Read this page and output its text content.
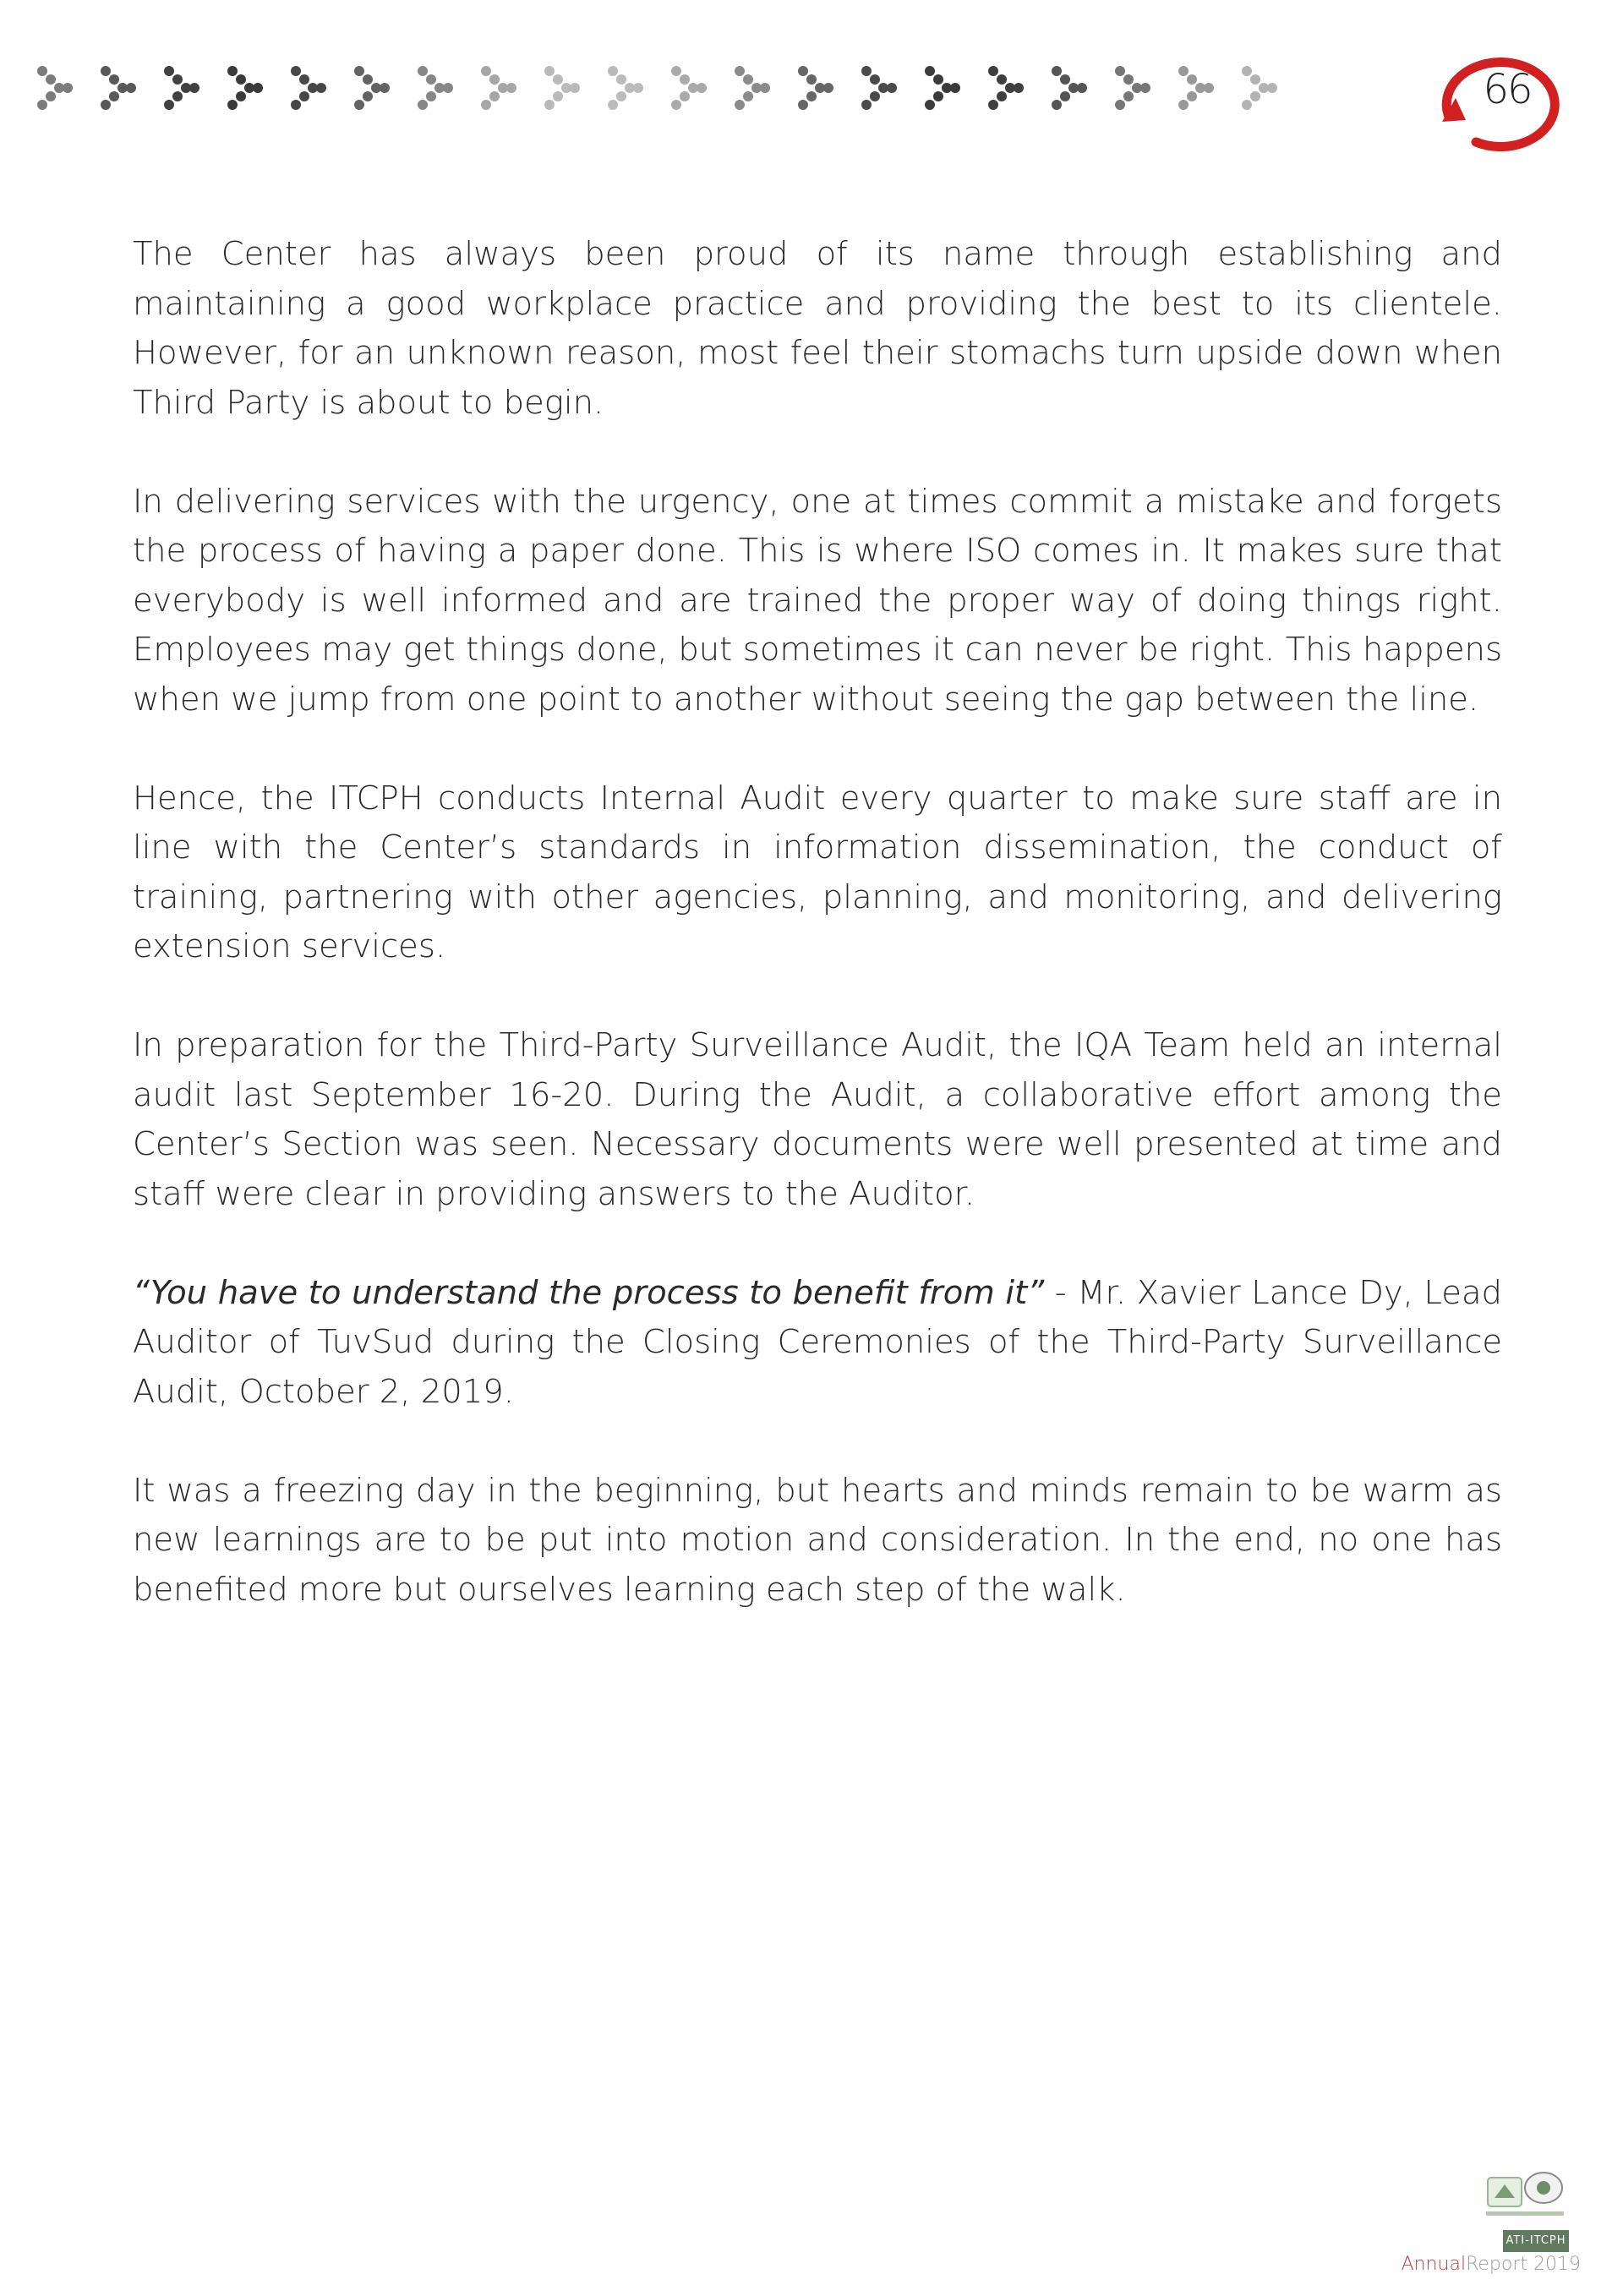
66

The Center has always been proud of its name through establishing and maintaining a good workplace practice and providing the best to its clientele. However, for an unknown reason, most feel their stomachs turn upside down when Third Party is about to begin.

In delivering services with the urgency, one at times commit a mistake and forgets the process of having a paper done. This is where ISO comes in. It makes sure that everybody is well informed and are trained the proper way of doing things right. Employees may get things done, but sometimes it can never be right. This happens when we jump from one point to another without seeing the gap between the line.

Hence, the ITCPH conducts Internal Audit every quarter to make sure staff are in line with the Center’s standards in information dissemination, the conduct of training, partnering with other agencies, planning, and monitoring, and delivering extension services.

In preparation for the Third-Party Surveillance Audit, the IQA Team held an internal audit last September 16-20. During the Audit, a collaborative effort among the Center’s Section was seen. Necessary documents were well presented at time and staff were clear in providing answers to the Auditor.

“You have to understand the process to benefit from it” - Mr. Xavier Lance Dy, Lead Auditor of TuvSud during the Closing Ceremonies of the Third-Party Surveillance Audit, October 2, 2019.

It was a freezing day in the beginning, but hearts and minds remain to be warm as new learnings are to be put into motion and consideration. In the end, no one has benefited more but ourselves learning each step of the walk.

ATI-ITCPH
AnnualReport 2019
